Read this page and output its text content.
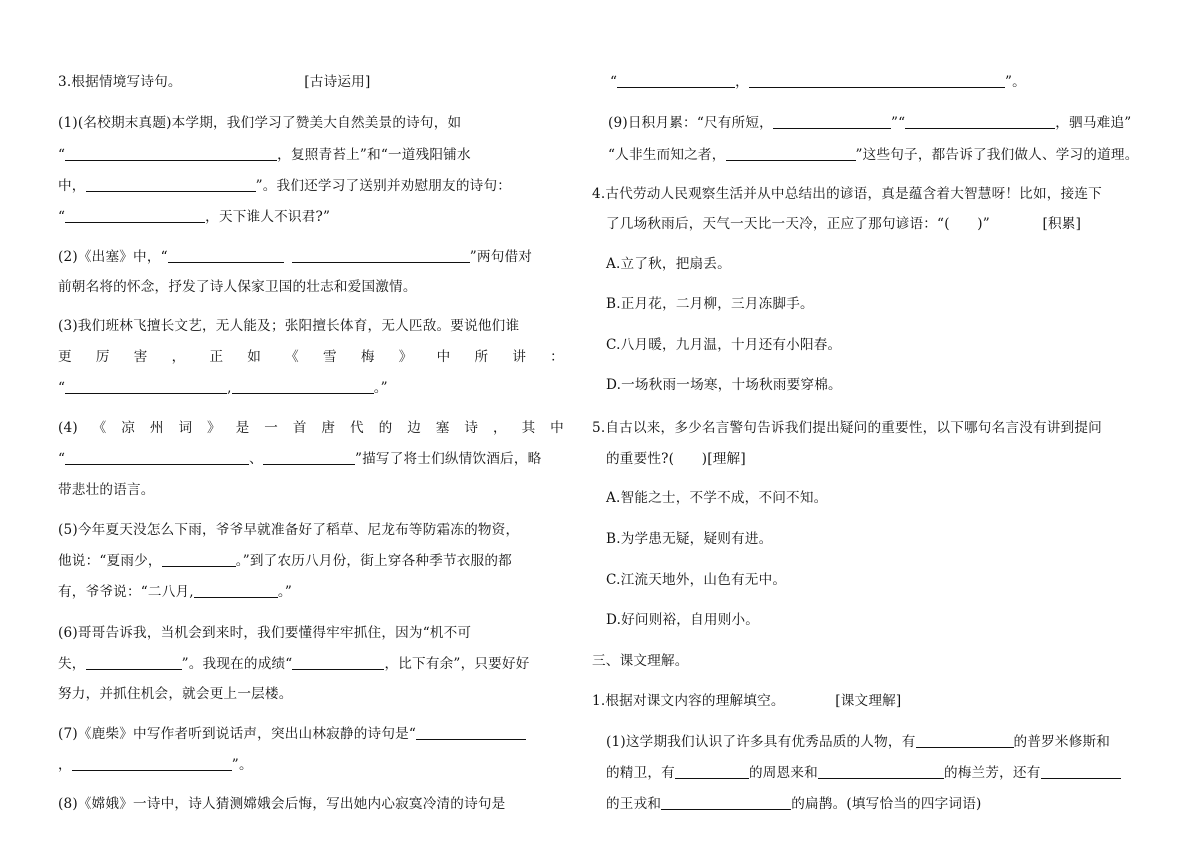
3.根据情境写诗句。	[古诗运用]
(1)(名校期末真题)本学期，我们学习了赞美大自然美景的诗句，如
“	，复照青苔上”和“一道残阳铺水
中，	”。我们还学习了送别并劝慰朋友的诗句：
“	，天下谁人不识君?”
(2)《出塞》中，“	”两句借对
前朝名将的怀念，抒发了诗人保家卫国的壮志和爱国激情。
(3)我们班林飞擅长文艺，无人能及；张阳擅长体育，无人匹敌。要说他们谁
更 厉 害 ， 正 如 《 雪 梅 》 中 所 讲 ：
“	,	。”
(4) 《 凉 州 词 》 是 一 首 唐 代 的 边 塞 诗 ， 其 中
“	、	”描写了将士们纵情饮酒后，略
带悲壮的语言。
(5)今年夏天没怎么下雨，爷爷早就准备好了稻草、尼龙布等防霜冻的物资，
他说：“夏雨少，	。”到了农历八月份，街上穿各种季节衣服的都
有，爷爷说：“二八月,	。”
(6)哥哥告诉我，当机会到来时，我们要懂得牢牢抓住，因为“机不可
失，	”。我现在的成绩“	，比下有余”，只要好好
努力，并抓住机会，就会更上一层楼。
(7)《鹿柴》中写作者听到说话声，突出山林寂静的诗句是“
，	”。
(8)《嫦娥》一诗中，诗人猜测嫦娥会后悔，写出她内心寂寞冷清的诗句是
“	，	”。
(9)日积月累：“尺有所短，	”“	，驷马难追”
“人非生而知之者，	”这些句子，都告诉了我们做人、学习的道理。
4.古代劳动人民观察生活并从中总结出的谚语，真是蕴含着大智慧呀！比如，接连下
了几场秋雨后，天气一天比一天冷，正应了那句谚语：“(　　)”	[积累]
A.立了秋，把扇丢。
B.正月花，二月柳，三月冻脚手。
C.八月暖，九月温，十月还有小阳春。
D.一场秋雨一场寒，十场秋雨要穿棉。
5.自古以来，多少名言警句告诉我们提出疑问的重要性，以下哪句名言没有讲到提问
的重要性?(　　)[理解]
A.智能之士，不学不成，不问不知。
B.为学患无疑，疑则有进。
C.江流天地外，山色有无中。
D.好问则裕，自用则小。
三、课文理解。
1.根据对课文内容的理解填空。	[课文理解]
(1)这学期我们认识了许多具有优秀品质的人物，有	的普罗米修斯和
的精卫，有	的周恩来和	的梅兰芳，还有
的王戎和	的扁鹊。(填写恰当的四字词语)
